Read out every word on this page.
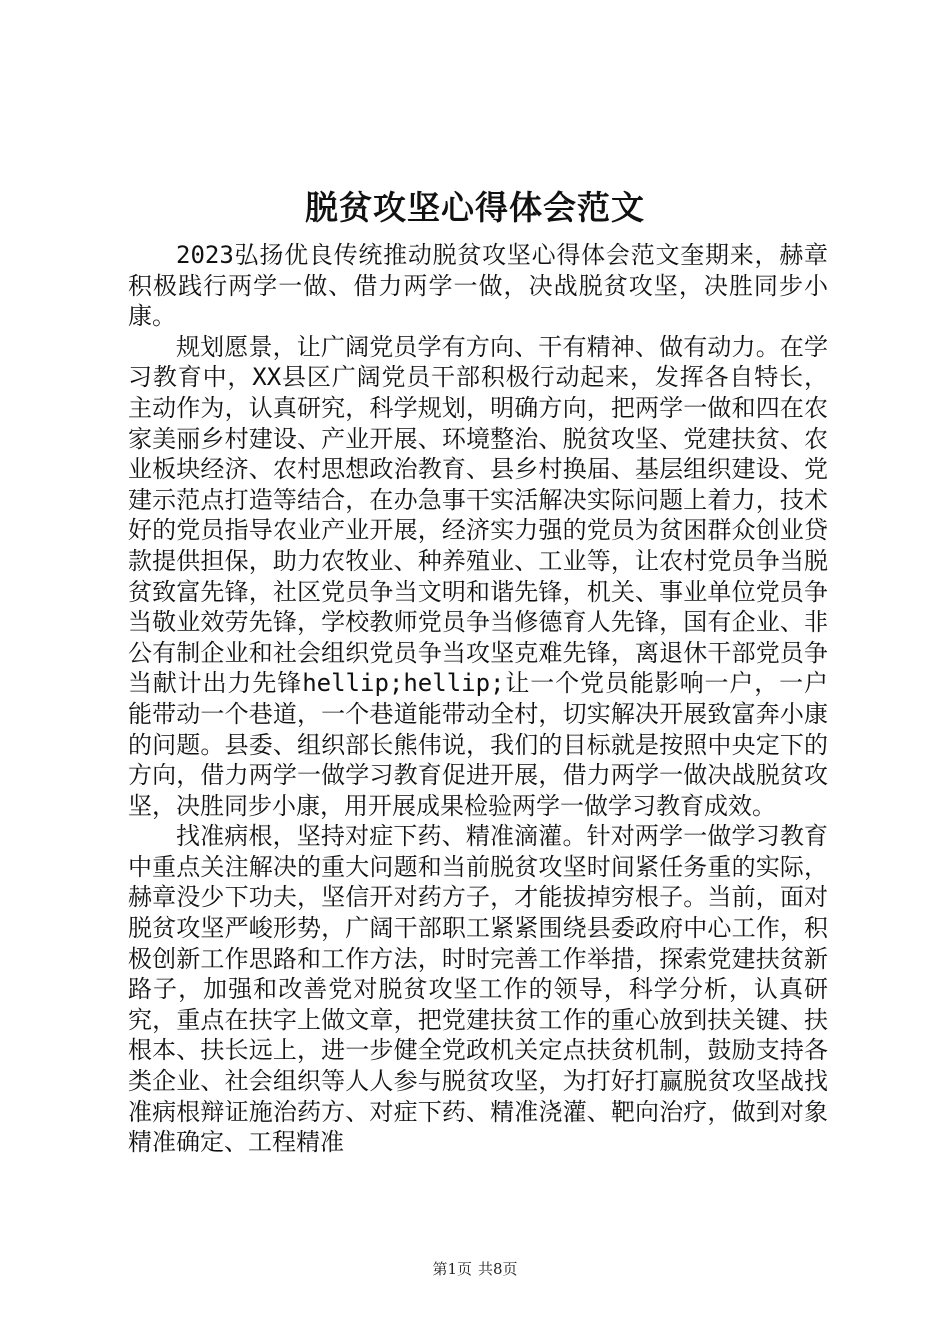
脱贫攻坚心得体会范文

2023弘扬优良传统推动脱贫攻坚心得体会范文奎期来，赫章积极践行两学一做、借力两学一做，决战脱贫攻坚，决胜同步小康。

规划愿景，让广阔党员学有方向、干有精神、做有动力。在学习教育中，XX县区广阔党员干部积极行动起来，发挥各自特长，主动作为，认真研究，科学规划，明确方向，把两学一做和四在农家美丽乡村建设、产业开展、环境整治、脱贫攻坚、党建扶贫、农业板块经济、农村思想政治教育、县乡村换届、基层组织建设、党建示范点打造等结合，在办急事干实活解决实际问题上着力，技术好的党员指导农业产业开展，经济实力强的党员为贫困群众创业贷款提供担保，助力农牧业、种养殖业、工业等，让农村党员争当脱贫致富先锋，社区党员争当文明和谐先锋，机关、事业单位党员争当敬业效劳先锋，学校教师党员争当修德育人先锋，国有企业、非公有制企业和社会组织党员争当攻坚克难先锋，离退休干部党员争当献计出力先锋hellip;hellip;让一个党员能影响一户，一户能带动一个巷道，一个巷道能带动全村，切实解决开展致富奔小康的问题。县委、组织部长熊伟说，我们的目标就是按照中央定下的方向，借力两学一做学习教育促进开展，借力两学一做决战脱贫攻坚，决胜同步小康，用开展成果检验两学一做学习教育成效。

找准病根，坚持对症下药、精准滴灌。针对两学一做学习教育中重点关注解决的重大问题和当前脱贫攻坚时间紧任务重的实际，赫章没少下功夫，坚信开对药方子，才能拔掉穷根子。当前，面对脱贫攻坚严峻形势，广阔干部职工紧紧围绕县委政府中心工作，积极创新工作思路和工作方法，时时完善工作举措，探索党建扶贫新路子，加强和改善党对脱贫攻坚工作的领导，科学分析，认真研究，重点在扶字上做文章，把党建扶贫工作的重心放到扶关键、扶根本、扶长远上，进一步健全党政机关定点扶贫机制，鼓励支持各类企业、社会组织等人人参与脱贫攻坚，为打好打赢脱贫攻坚战找准病根辩证施治药方、对症下药、精准浇灌、靶向治疗，做到对象精准确定、工程精准

第1页 共8页
